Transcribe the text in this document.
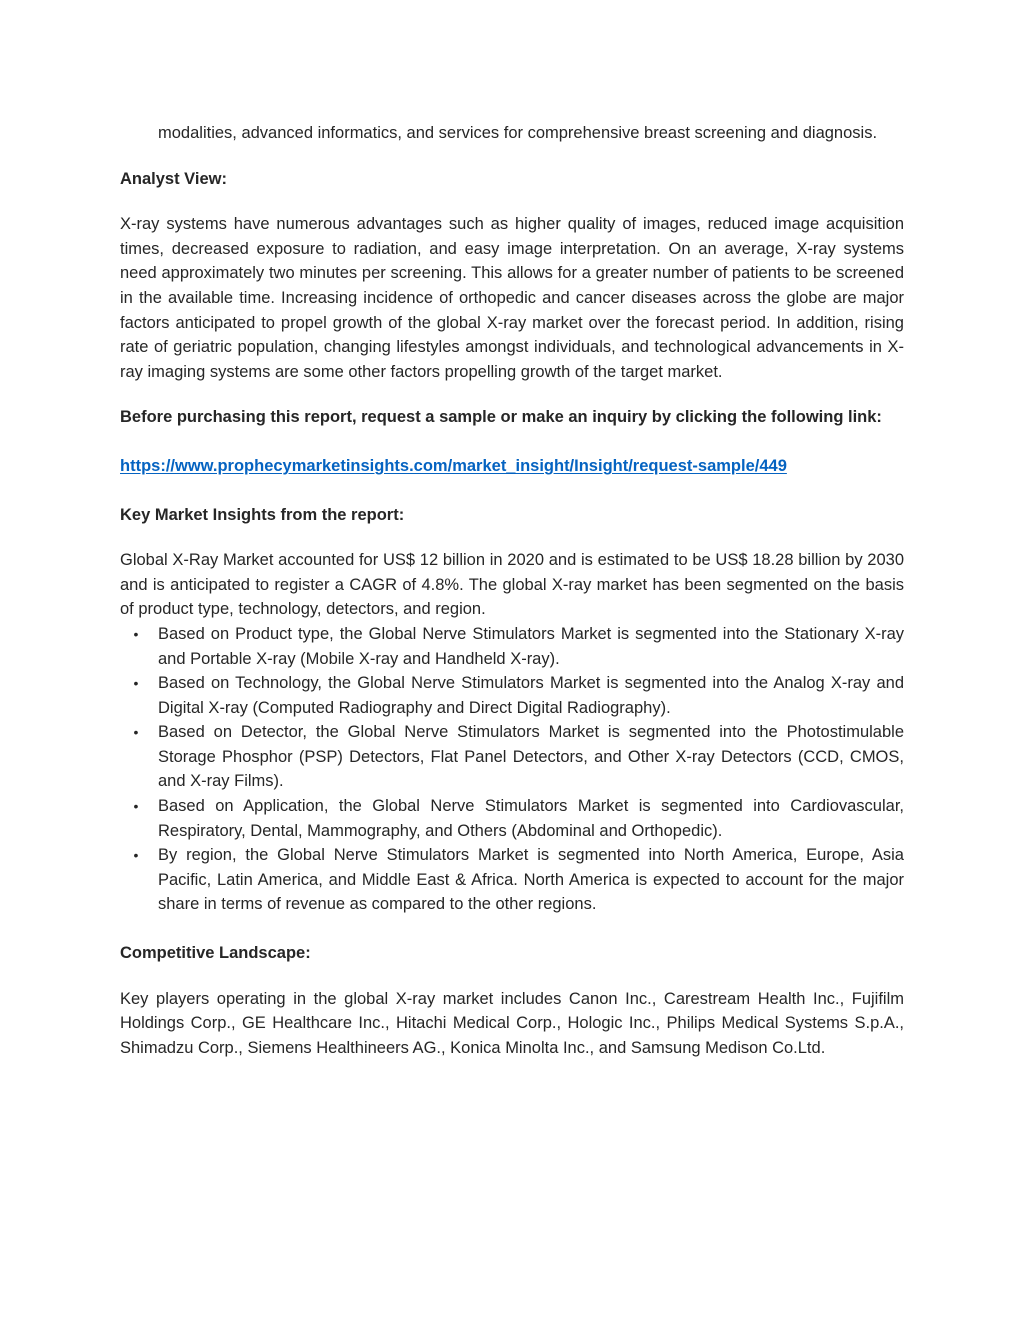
modalities, advanced informatics, and services for comprehensive breast screening and diagnosis.

Analyst View:

X-ray systems have numerous advantages such as higher quality of images, reduced image acquisition times, decreased exposure to radiation, and easy image interpretation. On an average, X-ray systems need approximately two minutes per screening. This allows for a greater number of patients to be screened in the available time. Increasing incidence of orthopedic and cancer diseases across the globe are major factors anticipated to propel growth of the global X-ray market over the forecast period. In addition, rising rate of geriatric population, changing lifestyles amongst individuals, and technological advancements in X-ray imaging systems are some other factors propelling growth of the target market.

Before purchasing this report, request a sample or make an inquiry by clicking the following link:

https://www.prophecymarketinsights.com/market_insight/Insight/request-sample/449

Key Market Insights from the report:

Global X-Ray Market accounted for US$ 12 billion in 2020 and is estimated to be US$ 18.28 billion by 2030 and is anticipated to register a CAGR of 4.8%. The global X-ray market has been segmented on the basis of product type, technology, detectors, and region.

• Based on Product type, the Global Nerve Stimulators Market is segmented into the Stationary X-ray and Portable X-ray (Mobile X-ray and Handheld X-ray).
• Based on Technology, the Global Nerve Stimulators Market is segmented into the Analog X-ray and Digital X-ray (Computed Radiography and Direct Digital Radiography).
• Based on Detector, the Global Nerve Stimulators Market is segmented into the Photostimulable Storage Phosphor (PSP) Detectors, Flat Panel Detectors, and Other X-ray Detectors (CCD, CMOS, and X-ray Films).
• Based on Application, the Global Nerve Stimulators Market is segmented into Cardiovascular, Respiratory, Dental, Mammography, and Others (Abdominal and Orthopedic).
• By region, the Global Nerve Stimulators Market is segmented into North America, Europe, Asia Pacific, Latin America, and Middle East & Africa. North America is expected to account for the major share in terms of revenue as compared to the other regions.

Competitive Landscape:

Key players operating in the global X-ray market includes Canon Inc., Carestream Health Inc., Fujifilm Holdings Corp., GE Healthcare Inc., Hitachi Medical Corp., Hologic Inc., Philips Medical Systems S.p.A., Shimadzu Corp., Siemens Healthineers AG., Konica Minolta Inc., and Samsung Medison Co.Ltd.
